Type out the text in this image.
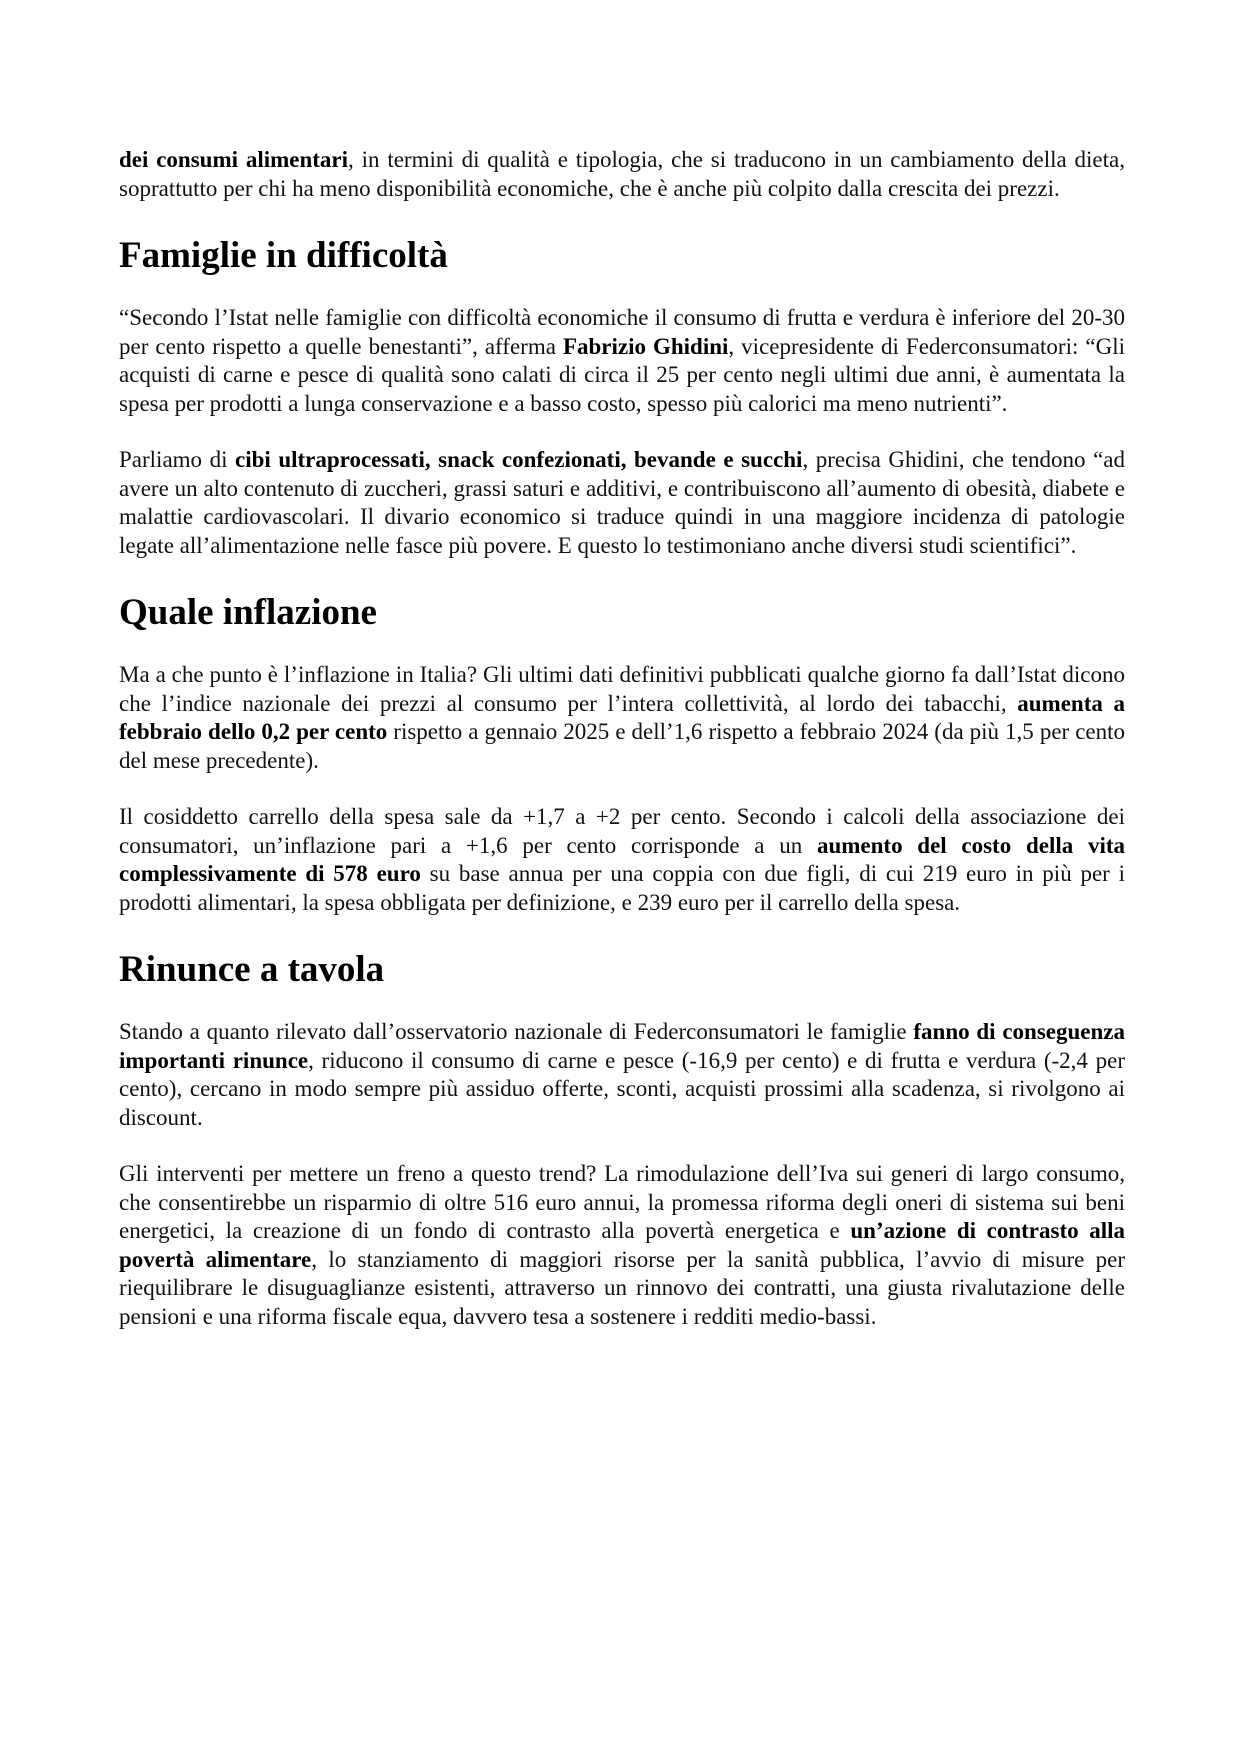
dei consumi alimentari, in termini di qualità e tipologia, che si traducono in un cambiamento della dieta, soprattutto per chi ha meno disponibilità economiche, che è anche più colpito dalla crescita dei prezzi.

Famiglie in difficoltà

“Secondo l’Istat nelle famiglie con difficoltà economiche il consumo di frutta e verdura è inferiore del 20-30 per cento rispetto a quelle benestanti”, afferma Fabrizio Ghidini, vicepresidente di Federconsumatori: “Gli acquisti di carne e pesce di qualità sono calati di circa il 25 per cento negli ultimi due anni, è aumentata la spesa per prodotti a lunga conservazione e a basso costo, spesso più calorici ma meno nutrienti”.

Parliamo di cibi ultraprocessati, snack confezionati, bevande e succhi, precisa Ghidini, che tendono “ad avere un alto contenuto di zuccheri, grassi saturi e additivi, e contribuiscono all’aumento di obesità, diabete e malattie cardiovascolari. Il divario economico si traduce quindi in una maggiore incidenza di patologie legate all’alimentazione nelle fasce più povere. E questo lo testimoniano anche diversi studi scientifici”.

Quale inflazione

Ma a che punto è l’inflazione in Italia? Gli ultimi dati definitivi pubblicati qualche giorno fa dall’Istat dicono che l’indice nazionale dei prezzi al consumo per l’intera collettività, al lordo dei tabacchi, aumenta a febbraio dello 0,2 per cento rispetto a gennaio 2025 e dell’1,6 rispetto a febbraio 2024 (da più 1,5 per cento del mese precedente).

Il cosiddetto carrello della spesa sale da +1,7 a +2 per cento. Secondo i calcoli della associazione dei consumatori, un’inflazione pari a +1,6 per cento corrisponde a un aumento del costo della vita complessivamente di 578 euro su base annua per una coppia con due figli, di cui 219 euro in più per i prodotti alimentari, la spesa obbligata per definizione, e 239 euro per il carrello della spesa.

Rinunce a tavola

Stando a quanto rilevato dall’osservatorio nazionale di Federconsumatori le famiglie fanno di conseguenza importanti rinunce, riducono il consumo di carne e pesce (-16,9 per cento) e di frutta e verdura (-2,4 per cento), cercano in modo sempre più assiduo offerte, sconti, acquisti prossimi alla scadenza, si rivolgono ai discount.

Gli interventi per mettere un freno a questo trend? La rimodulazione dell’Iva sui generi di largo consumo, che consentirebbe un risparmio di oltre 516 euro annui, la promessa riforma degli oneri di sistema sui beni energetici, la creazione di un fondo di contrasto alla povertà energetica e un’azione di contrasto alla povertà alimentare, lo stanziamento di maggiori risorse per la sanità pubblica, l’avvio di misure per riequilibrare le disuguaglianze esistenti, attraverso un rinnovo dei contratti, una giusta rivalutazione delle pensioni e una riforma fiscale equa, davvero tesa a sostenere i redditi medio-bassi.
